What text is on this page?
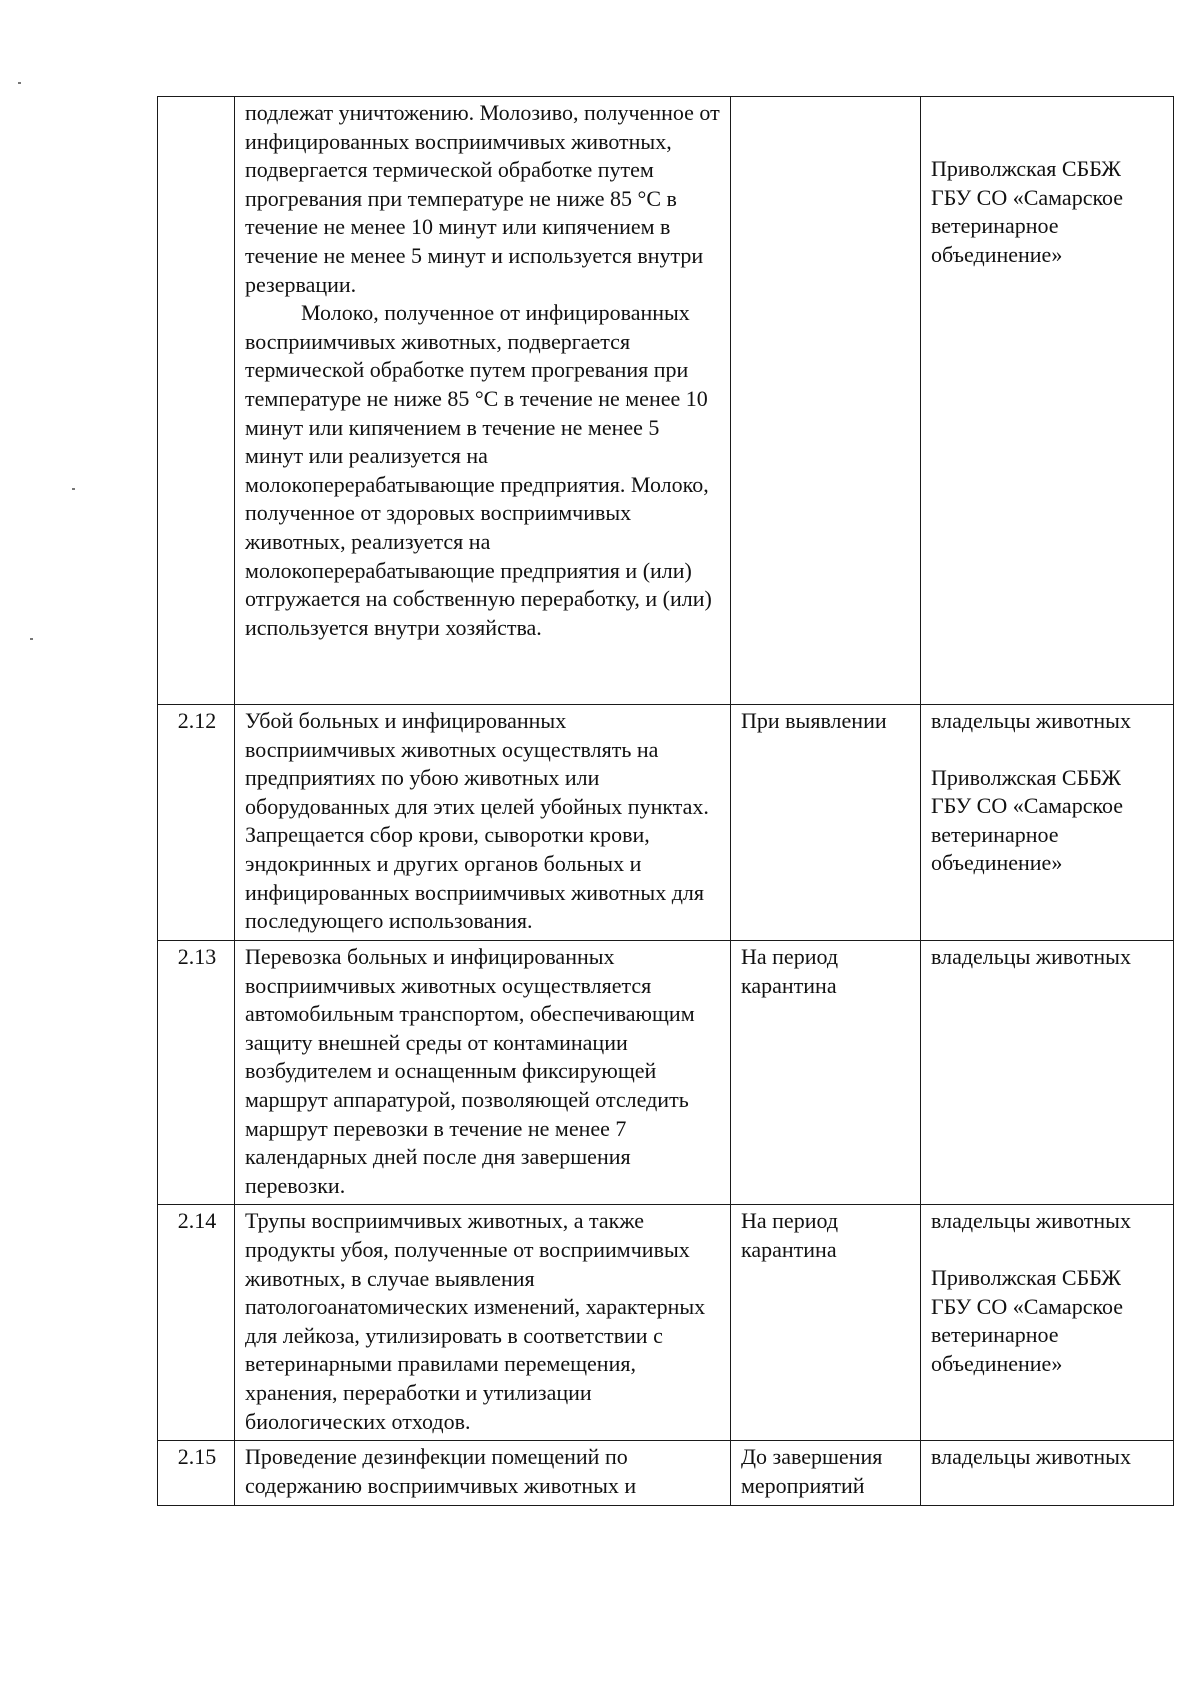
	подлежат уничтожению. Молозиво, полученное от инфицированных восприимчивых животных, подвергается термической обработке путем прогревания при температуре не ниже 85 °С в течение не менее 10 минут или кипячением в течение не менее 5 минут и используется внутри резервации.
Молоко, полученное от инфицированных восприимчивых животных, подвергается термической обработке путем прогревания при температуре не ниже 85 °С в течение не менее 10 минут или кипячением в течение не менее 5 минут или реализуется на молокоперерабатывающие предприятия. Молоко, полученное от здоровых восприимчивых животных, реализуется на молокоперерабатывающие предприятия и (или) отгружается на собственную переработку, и (или) используется внутри хозяйства.		Приволжская СББЖ ГБУ СО «Самарское ветеринарное объединение»

2.12	Убой больных и инфицированных восприимчивых животных осуществлять на предприятиях по убою животных или оборудованных для этих целей убойных пунктах. Запрещается сбор крови, сыворотки крови, эндокринных и других органов больных и инфицированных восприимчивых животных для последующего использования.	При выявлении	владельцы животных
Приволжская СББЖ ГБУ СО «Самарское ветеринарное объединение»

2.13	Перевозка больных и инфицированных восприимчивых животных осуществляется автомобильным транспортом, обеспечивающим защиту внешней среды от контаминации возбудителем и оснащенным фиксирующей маршрут аппаратурой, позволяющей отследить маршрут перевозки в течение не менее 7 календарных дней после дня завершения перевозки.	На период карантина	владельцы животных

2.14	Трупы восприимчивых животных, а также продукты убоя, полученные от восприимчивых животных, в случае выявления патологоанатомических изменений, характерных для лейкоза, утилизировать в соответствии с ветеринарными правилами перемещения, хранения, переработки и утилизации биологических отходов.	На период карантина	владельцы животных
Приволжская СББЖ ГБУ СО «Самарское ветеринарное объединение»

2.15	Проведение дезинфекции помещений по содержанию восприимчивых животных и	До завершения мероприятий	владельцы животных
